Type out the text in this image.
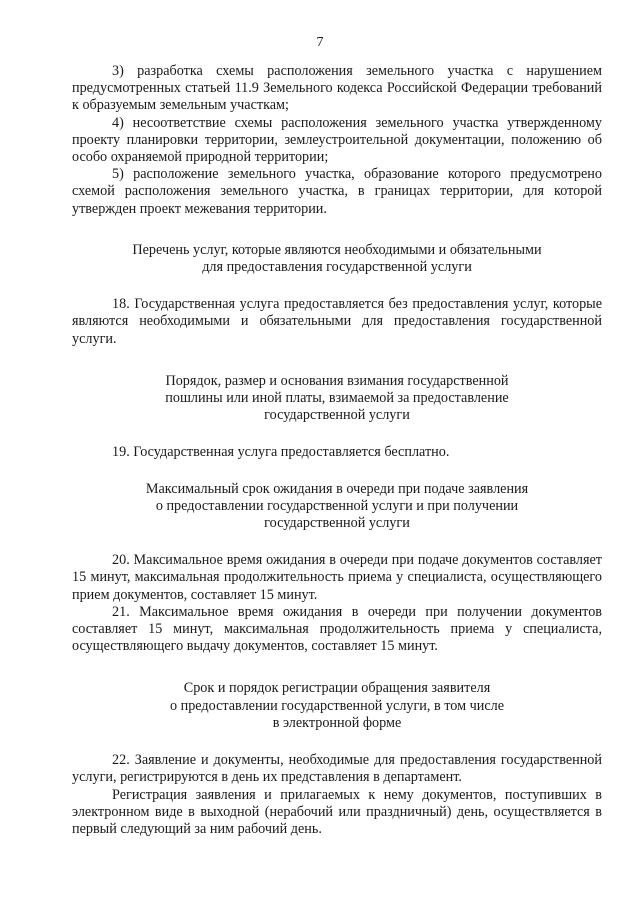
7

3) разработка схемы расположения земельного участка с нарушением предусмотренных статьей 11.9 Земельного кодекса Российской Федерации требований к образуемым земельным участкам;

4) несоответствие схемы расположения земельного участка утвержденному проекту планировки территории, землеустроительной документации, положению об особо охраняемой природной территории;

5) расположение земельного участка, образование которого предусмотрено схемой расположения земельного участка, в границах территории, для которой утвержден проект межевания территории.

Перечень услуг, которые являются необходимыми и обязательными
для предоставления государственной услуги

18. Государственная услуга предоставляется без предоставления услуг, которые являются необходимыми и обязательными для предоставления государственной услуги.

Порядок, размер и основания взимания государственной
пошлины или иной платы, взимаемой за предоставление
государственной услуги

19. Государственная услуга предоставляется бесплатно.

Максимальный срок ожидания в очереди при подаче заявления
о предоставлении государственной услуги и при получении
государственной услуги

20. Максимальное время ожидания в очереди при подаче документов составляет 15 минут, максимальная продолжительность приема у специалиста, осуществляющего прием документов, составляет 15 минут.

21. Максимальное время ожидания в очереди при получении документов составляет 15 минут, максимальная продолжительность приема у специалиста, осуществляющего выдачу документов, составляет 15 минут.

Срок и порядок регистрации обращения заявителя
о предоставлении государственной услуги, в том числе
в электронной форме

22. Заявление и документы, необходимые для предоставления государственной услуги, регистрируются в день их представления в департамент.

Регистрация заявления и прилагаемых к нему документов, поступивших в электронном виде в выходной (нерабочий или праздничный) день, осуществляется в первый следующий за ним рабочий день.
